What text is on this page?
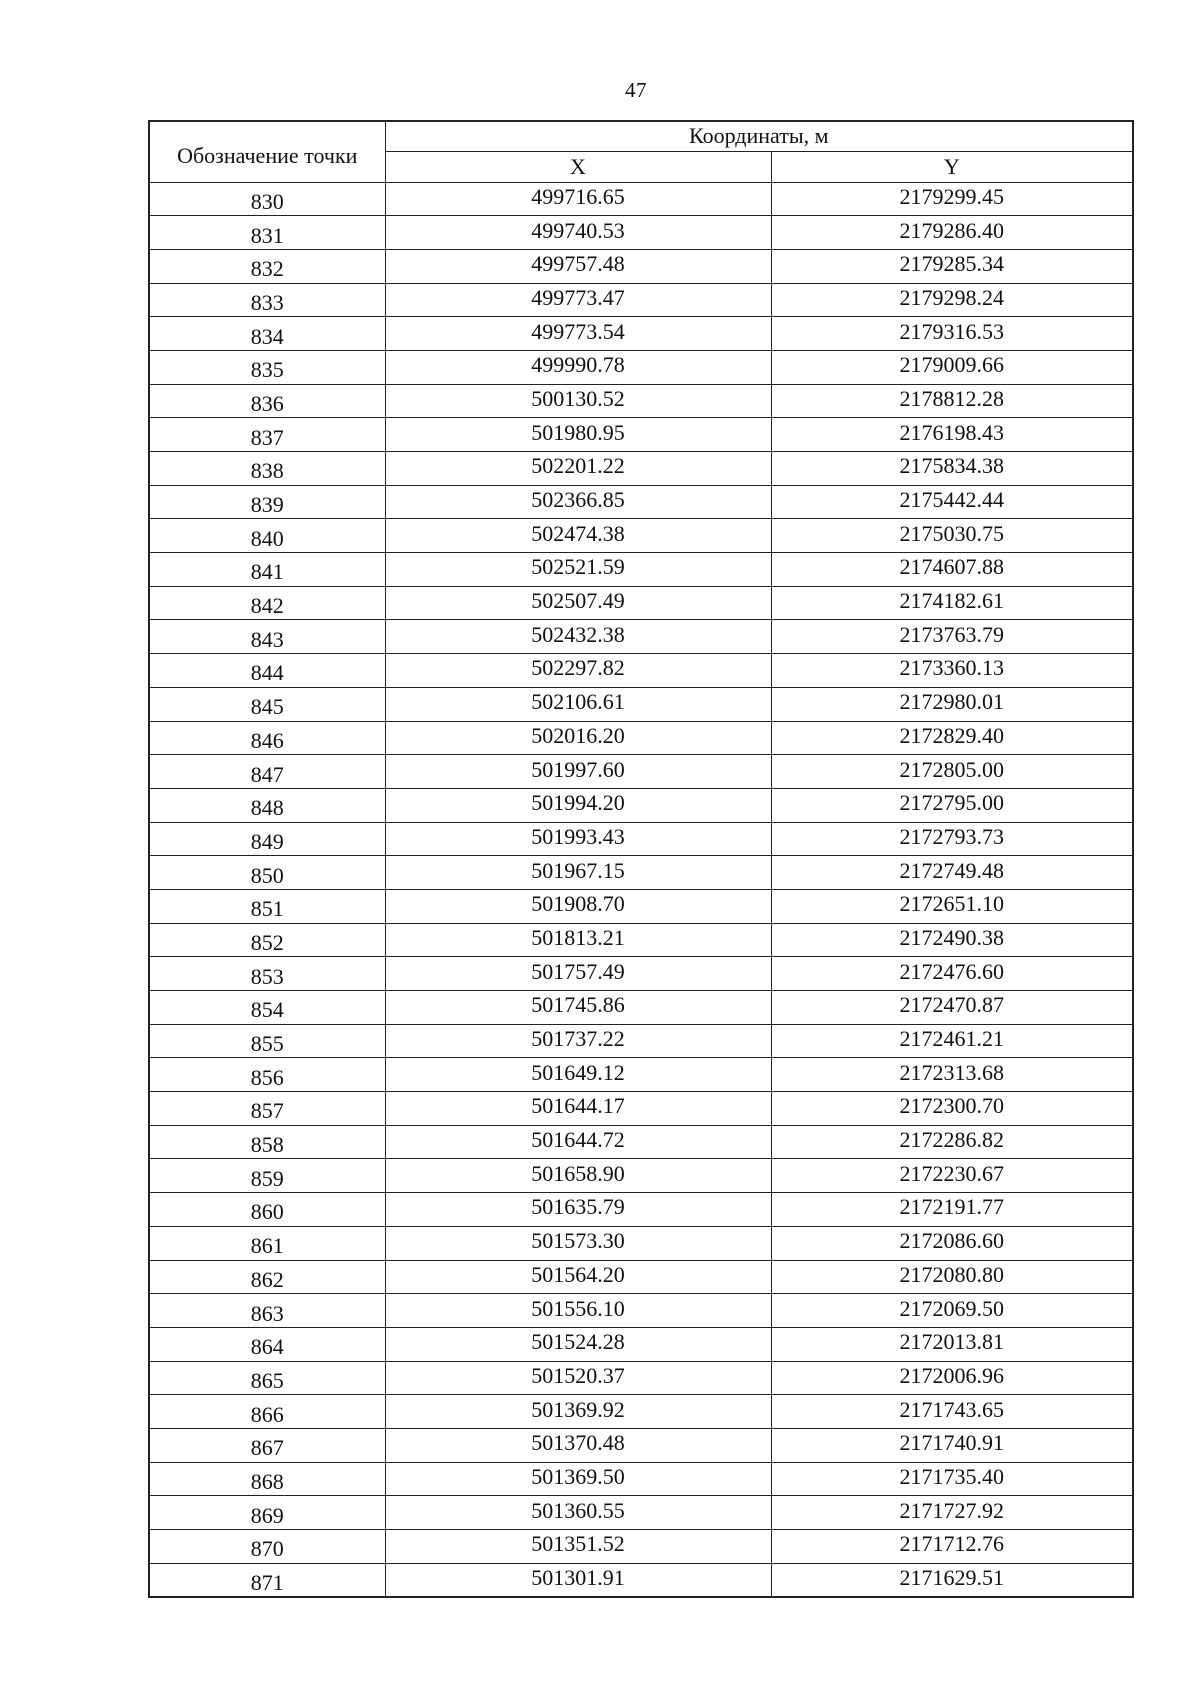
47
Обозначение точки	Координаты, м	
	X	Y
830	499716.65	2179299.45
831	499740.53	2179286.40
832	499757.48	2179285.34
833	499773.47	2179298.24
834	499773.54	2179316.53
835	499990.78	2179009.66
836	500130.52	2178812.28
837	501980.95	2176198.43
838	502201.22	2175834.38
839	502366.85	2175442.44
840	502474.38	2175030.75
841	502521.59	2174607.88
842	502507.49	2174182.61
843	502432.38	2173763.79
844	502297.82	2173360.13
845	502106.61	2172980.01
846	502016.20	2172829.40
847	501997.60	2172805.00
848	501994.20	2172795.00
849	501993.43	2172793.73
850	501967.15	2172749.48
851	501908.70	2172651.10
852	501813.21	2172490.38
853	501757.49	2172476.60
854	501745.86	2172470.87
855	501737.22	2172461.21
856	501649.12	2172313.68
857	501644.17	2172300.70
858	501644.72	2172286.82
859	501658.90	2172230.67
860	501635.79	2172191.77
861	501573.30	2172086.60
862	501564.20	2172080.80
863	501556.10	2172069.50
864	501524.28	2172013.81
865	501520.37	2172006.96
866	501369.92	2171743.65
867	501370.48	2171740.91
868	501369.50	2171735.40
869	501360.55	2171727.92
870	501351.52	2171712.76
871	501301.91	2171629.51
